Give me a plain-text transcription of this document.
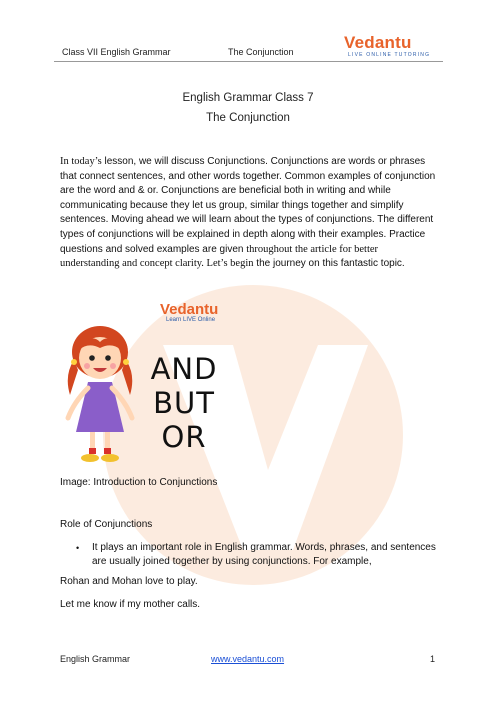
Class VII English Grammar	The Conjunction	Vedantu
LIVE ONLINE TUTORING
English Grammar Class 7
The Conjunction
In today’s lesson, we will discuss Conjunctions. Conjunctions are words or phrases that connect sentences, and other words together. Common examples of conjunction are the word and & or. Conjunctions are beneficial both in writing and while communicating because they let us group, similar things together and simplify sentences. Moving ahead we will learn about the types of conjunctions. The different types of conjunctions will be explained in depth along with their examples. Practice questions and solved examples are given throughout the article for better understanding and concept clarity. Let’s begin the journey on this fantastic topic.
Vedantu
Learn LIVE Online
AND
BUT
OR
Image: Introduction to Conjunctions
Role of Conjunctions
• It plays an important role in English grammar. Words, phrases, and sentences are usually joined together by using conjunctions. For example,
Rohan and Mohan love to play.
Let me know if my mother calls.
English Grammar	www.vedantu.com	1
